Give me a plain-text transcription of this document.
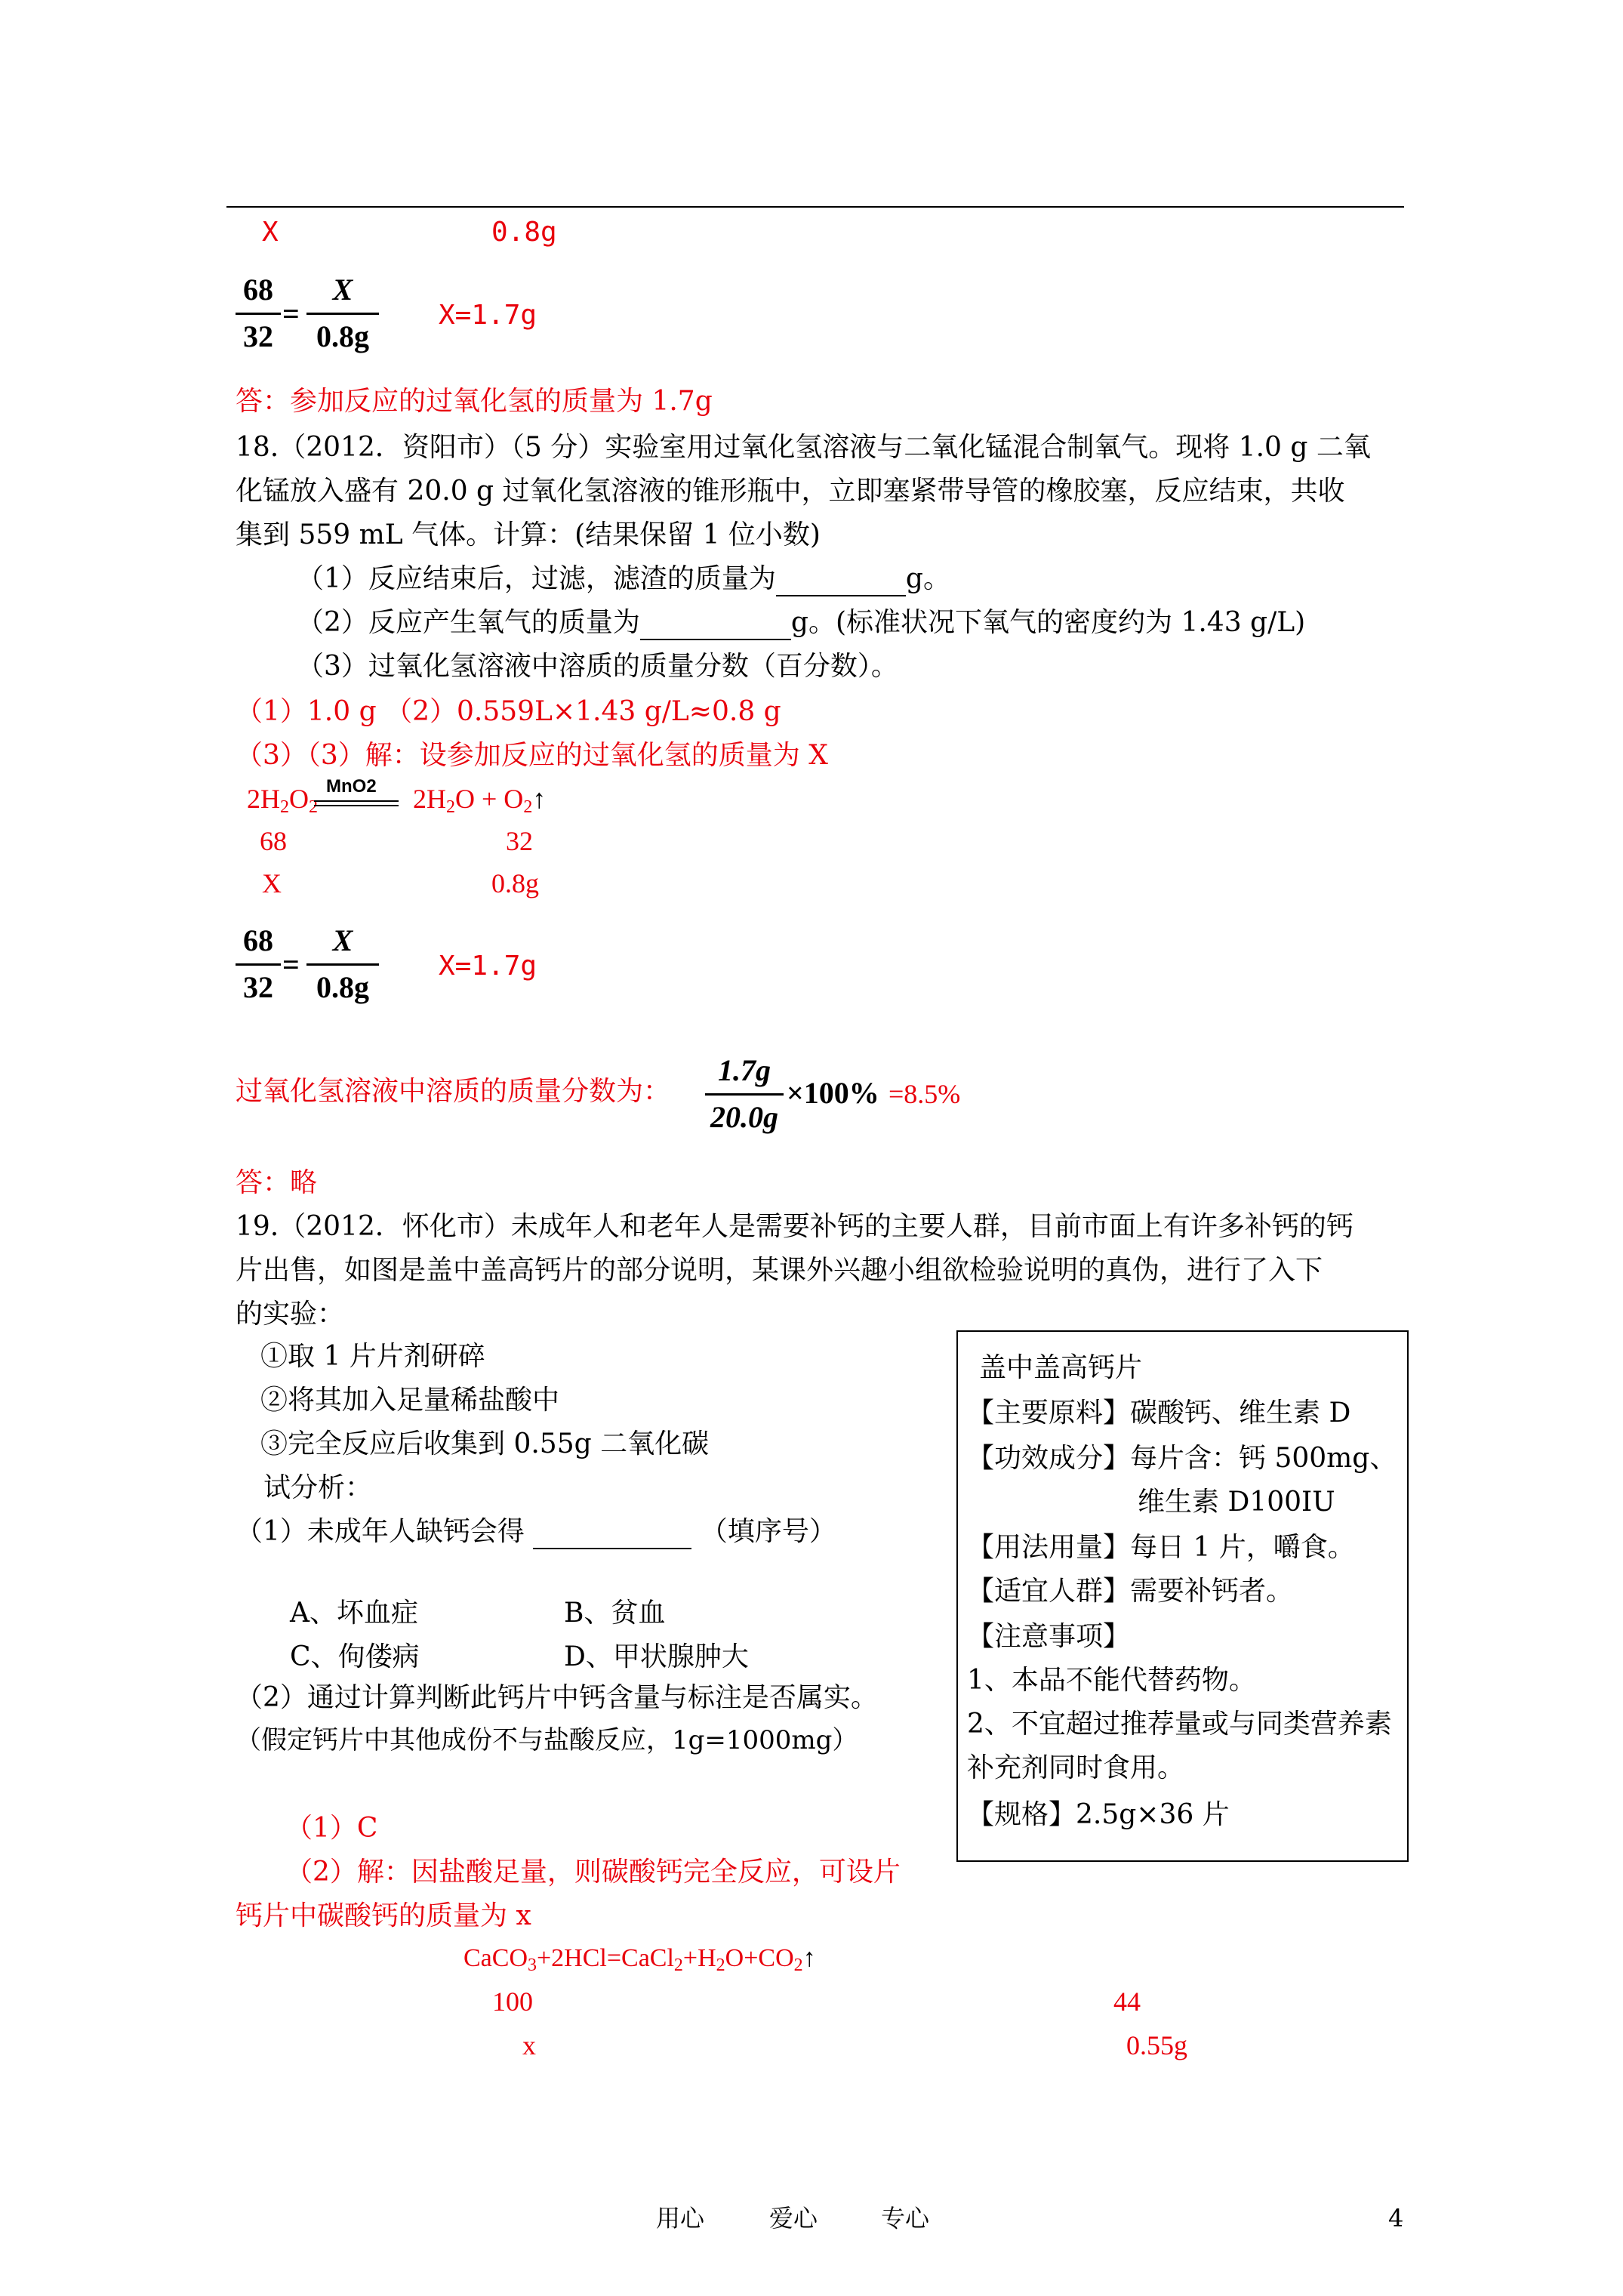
X	0.8g
68
32
=
X
0.8g
X=1.7g
答：参加反应的过氧化氢的质量为 1.7g
18.（2012．资阳市）（5 分）实验室用过氧化氢溶液与二氧化锰混合制氧气。现将 1.0 g 二氧
化锰放入盛有 20.0 g 过氧化氢溶液的锥形瓶中，立即塞紧带导管的橡胶塞，反应结束，共收
集到 559 mL 气体。计算：(结果保留 1 位小数)
（1）反应结束后，过滤，滤渣的质量为	g。
（2）反应产生氧气的质量为	g。(标准状况下氧气的密度约为 1.43 g/L)
（3）过氧化氢溶液中溶质的质量分数（百分数）。
（1）1.0 g （2）0.559L×1.43 g/L≈0.8 g
（3）（3）解：设参加反应的过氧化氢的质量为 X
$2H_2O_2$
MnO2 $2H_2O$ + $O_2↑$
68	32
X	0.8g
68
32
=
X
0.8g
X=1.7g
过氧化氢溶液中溶质的质量分数为：
1.7g
20.0g
×100% =8.5%
答：略
19.（2012．怀化市）未成年人和老年人是需要补钙的主要人群，目前市面上有许多补钙的钙
片出售，如图是盖中盖高钙片的部分说明，某课外兴趣小组欲检验说明的真伪，进行了入下
的实验：
①取 1 片片剂研碎
②将其加入足量稀盐酸中
③完全反应后收集到 0.55g 二氧化碳
试分析：
（1）未成年人缺钙会得	（填序号）
A、坏血症	B、贫血
C、佝偻病	D、甲状腺肿大
（2）通过计算判断此钙片中钙含量与标注是否属实。
（假定钙片中其他成份不与盐酸反应，1g=1000mg）
（1）C
（2）解：因盐酸足量，则碳酸钙完全反应，可设片
钙片中碳酸钙的质量为 x
$CaCO_3+2HCl=CaCl_2+H_2O+CO_2↑$
100	44
x	0.55g
盖中盖高钙片
【主要原料】碳酸钙、维生素 D
【功效成分】每片含：钙 500mg、
维生素 D100IU
【用法用量】每日 1 片，嚼食。
【适宜人群】需要补钙者。
【注意事项】
1、本品不能代替药物。
2、不宜超过推荐量或与同类营养素
补充剂同时食用。
【规格】2.5g×36 片
用心	爱心	专心	4
